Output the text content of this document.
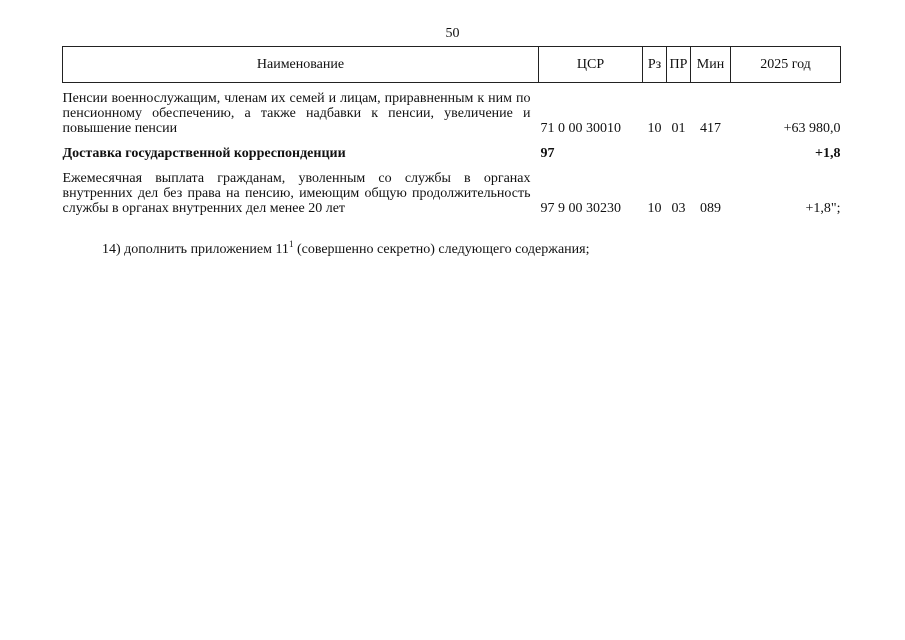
50
Наименование	ЦСР	Рз	ПР	Мин	2025 год

Пенсии военнослужащим, членам их семей и лицам, приравненным к ним по пенсионному обеспечению, а также надбавки к пенсии, увеличение и повышение пенсии	71 0 00 30010	10	01	417	+63 980,0
Доставка государственной корреспонденции	97				+1,8
Ежемесячная выплата гражданам, уволенным со службы в органах внутренних дел без права на пенсию, имеющим общую продолжительность службы в органах внутренних дел менее 20 лет	97 9 00 30230	10	03	089	+1,8";
14) дополнить приложением $11^1$ (совершенно секретно) следующего содержания;
